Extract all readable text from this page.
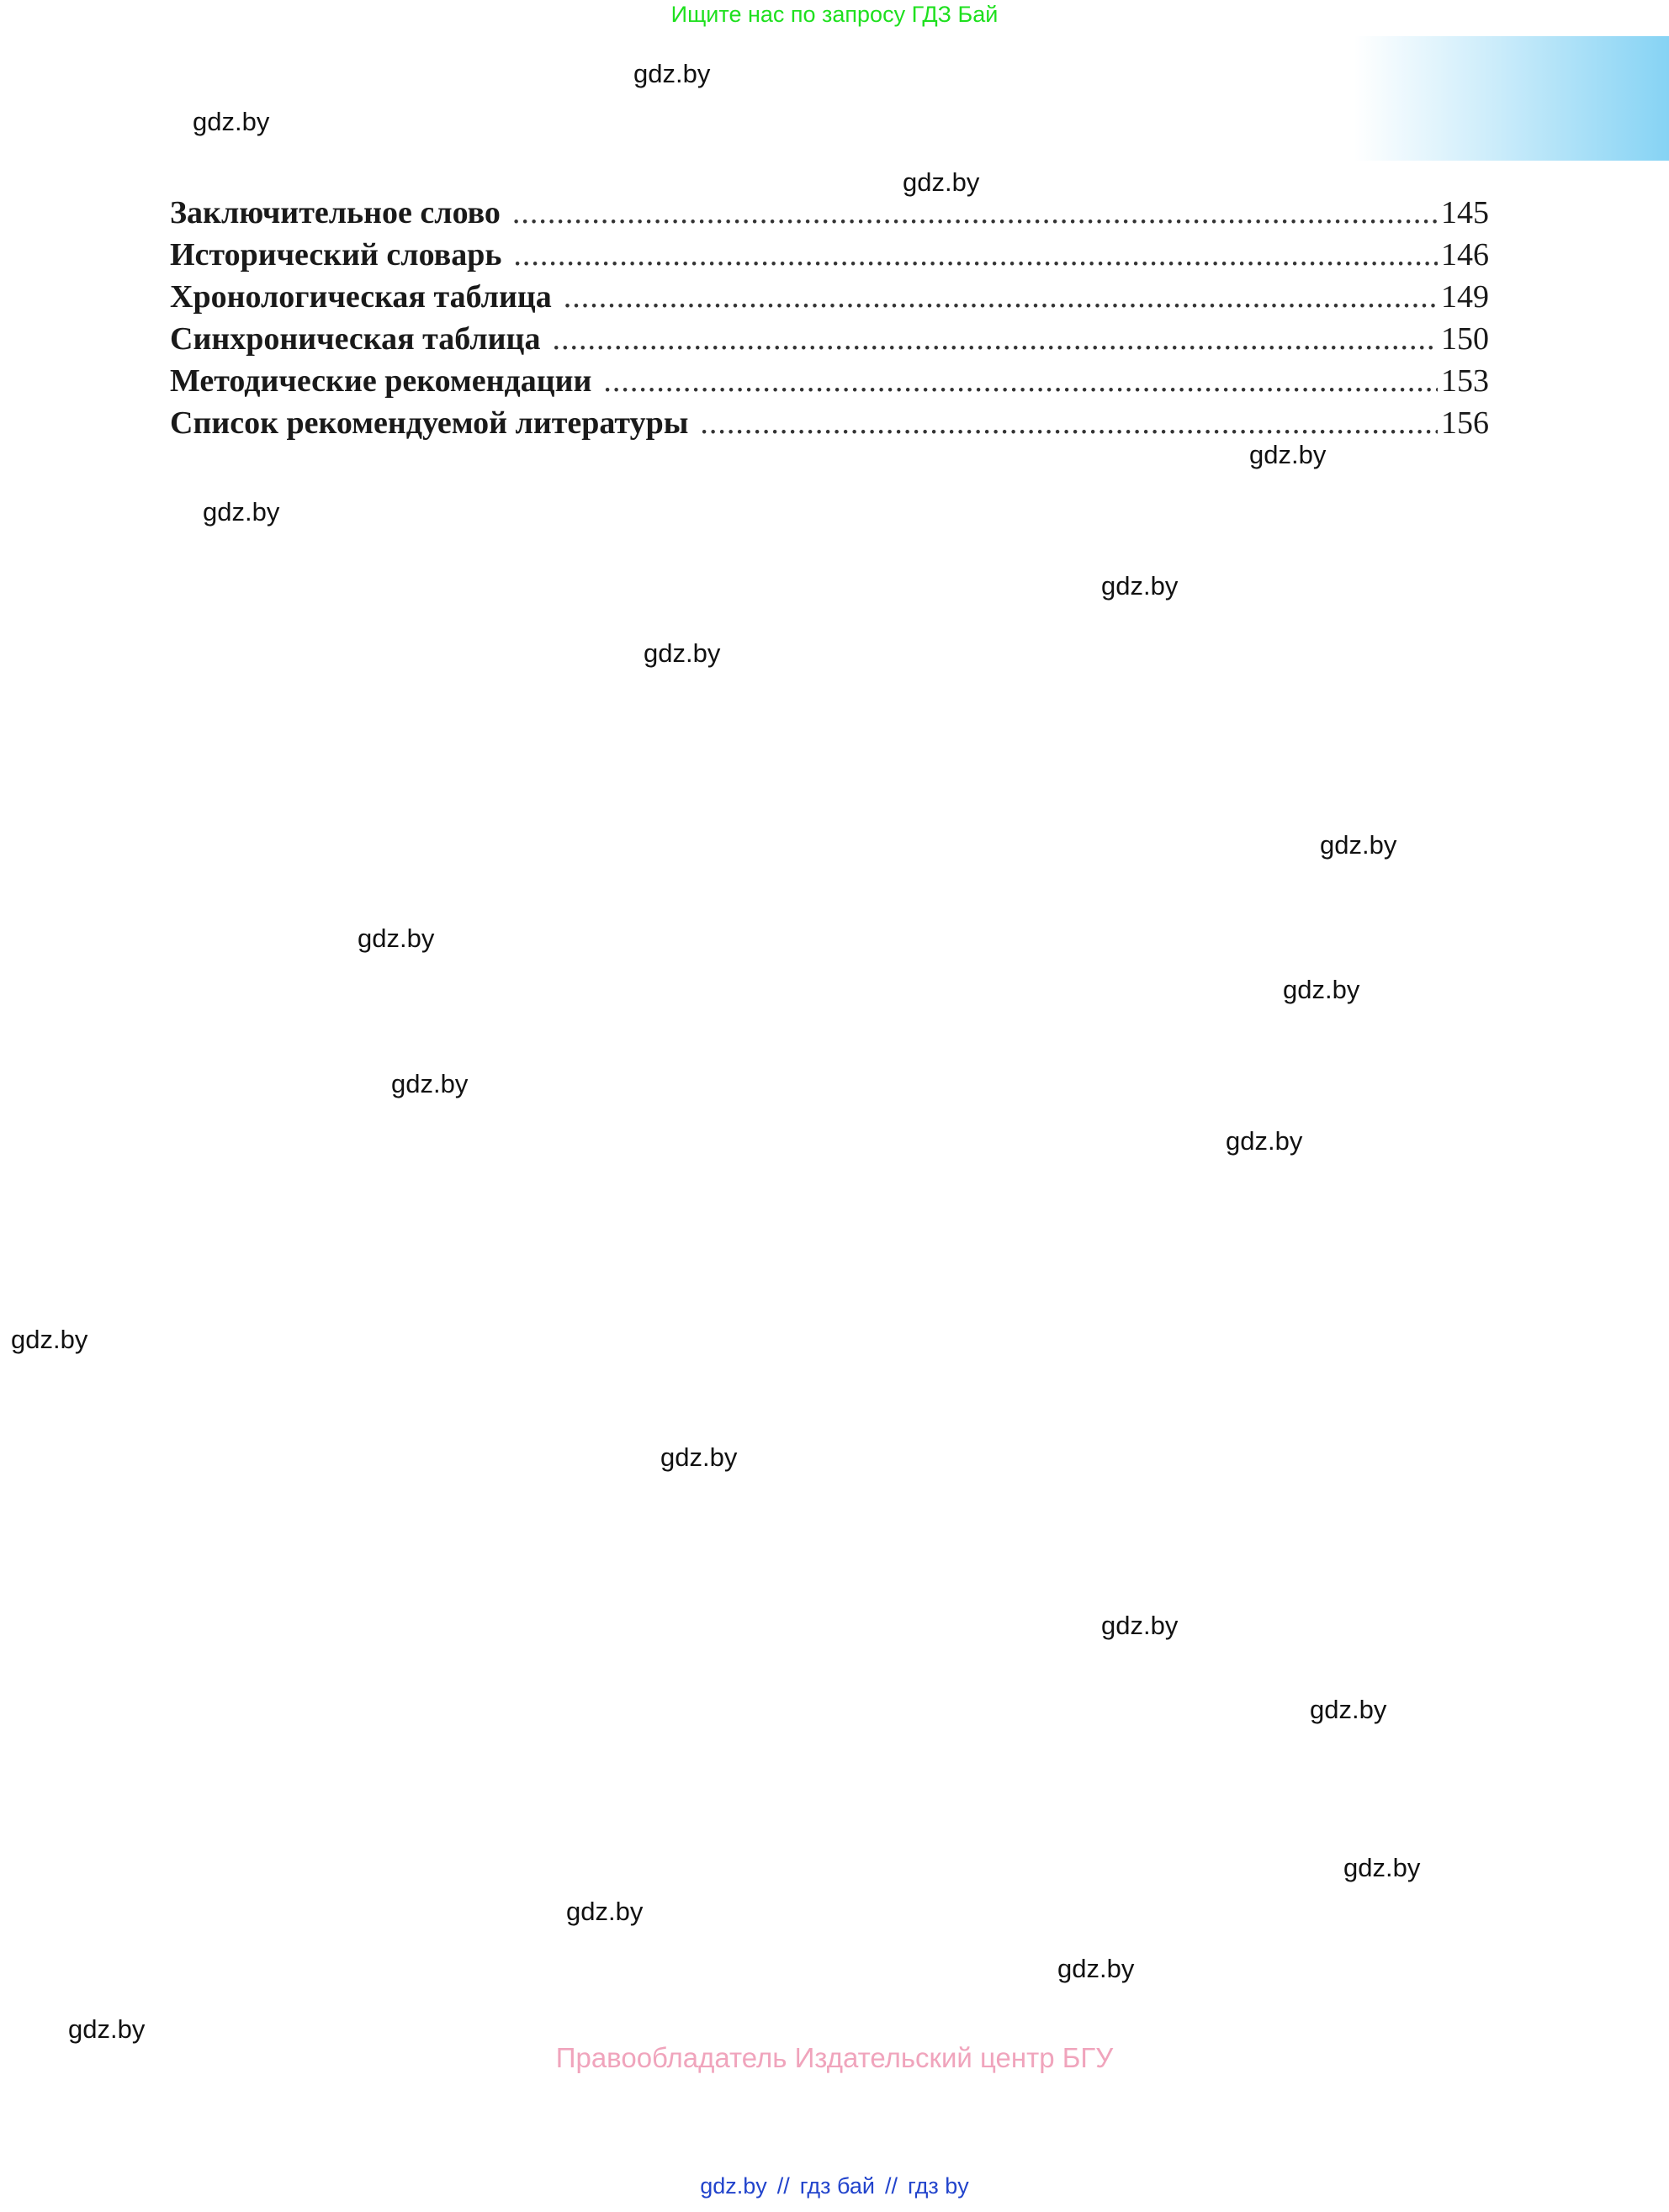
Ищите нас по запросу ГДЗ Бай
Заключительное слово .....	145
Исторический словарь .....	146
Хронологическая таблица .....	149
Синхроническая таблица .....	150
Методические рекомендации .....	153
Список рекомендуемой литературы .....	156
gdz.by
gdz.by
gdz.by
gdz.by
gdz.by
gdz.by
gdz.by
gdz.by
gdz.by
gdz.by
gdz.by
gdz.by
gdz.by
gdz.by
gdz.by
gdz.by
gdz.by
gdz.by
gdz.by
gdz.by
Правообладатель Издательский центр БГУ
gdz.by // гдз бай // гдз by
